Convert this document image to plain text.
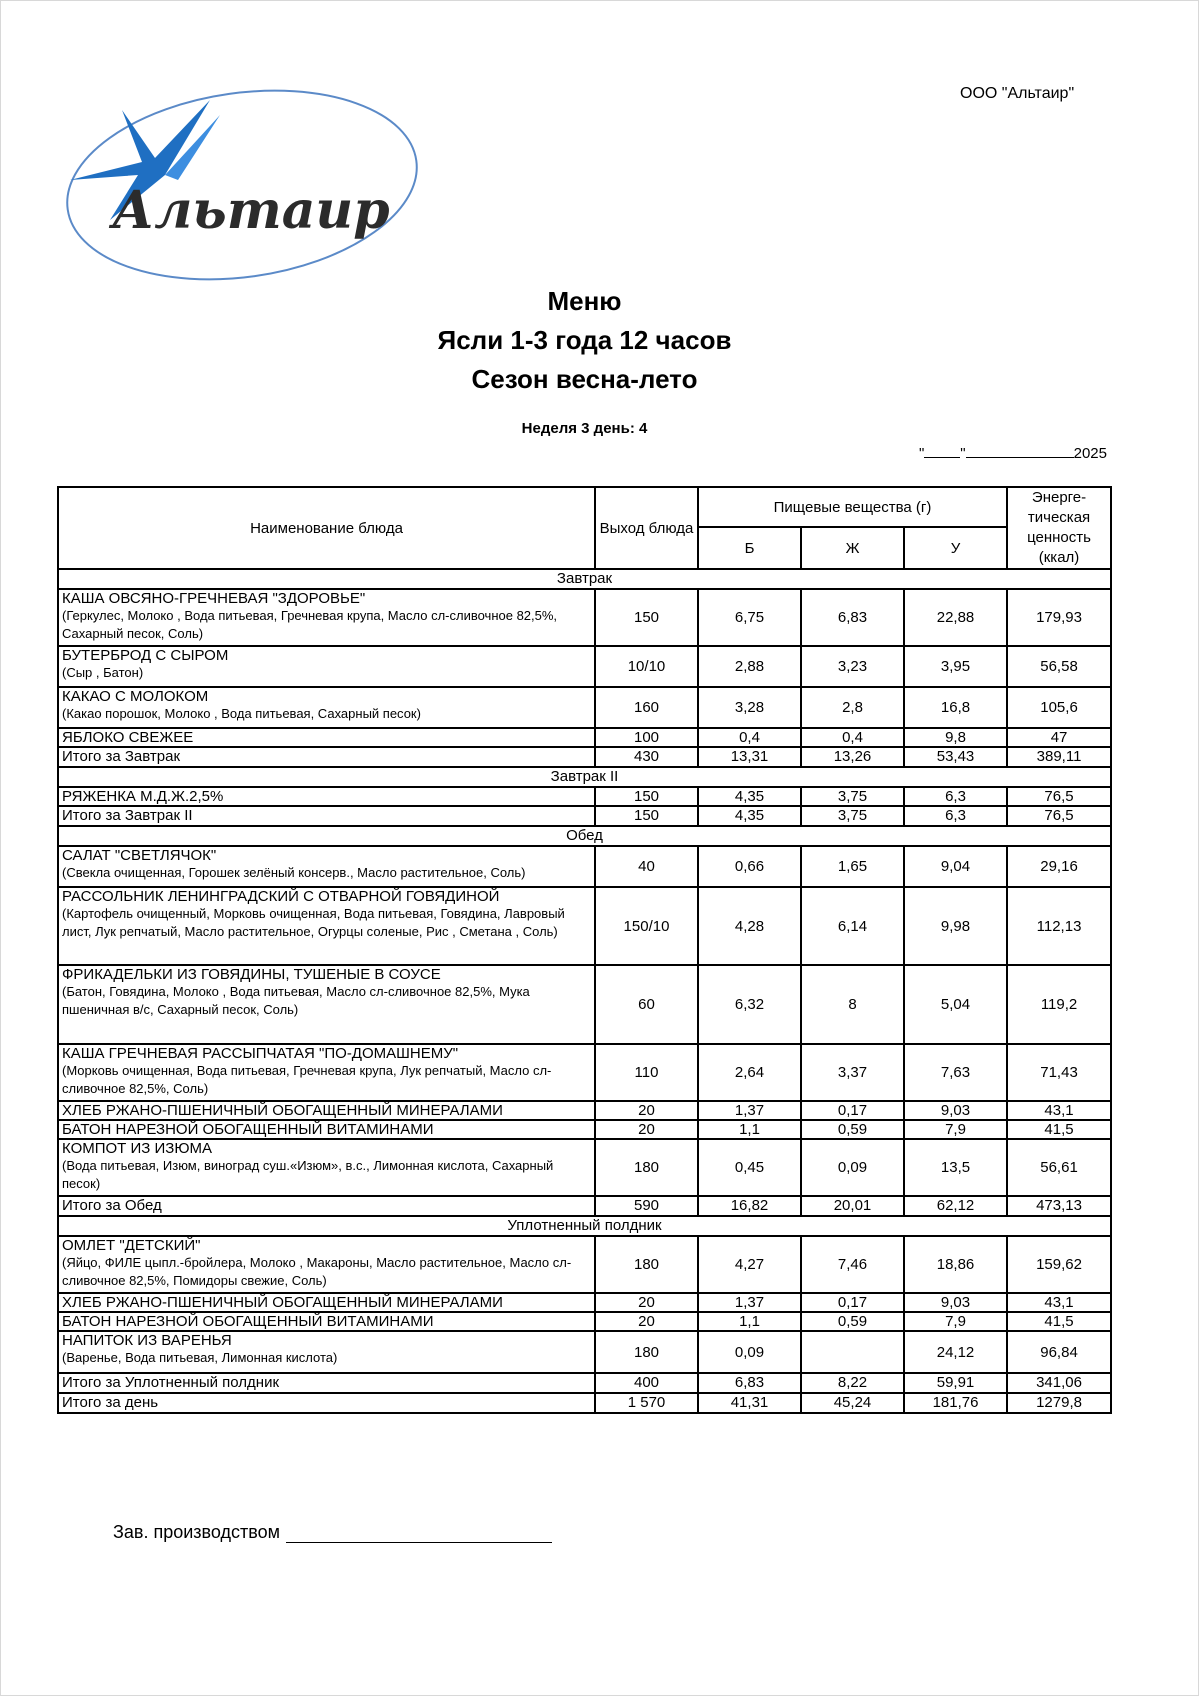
ООО "Альтаир"
Альтаир
Меню
Ясли 1-3 года 12 часов
Сезон весна-лето
Неделя 3 день: 4
" "	2025
Наименование блюда	Выход блюда	Пищевые вещества (г)			Энерге-тическая ценность (ккал)
		Б	Ж	У	
Завтрак					

КАША ОВСЯНО-ГРЕЧНЕВАЯ "ЗДОРОВЬЕ"
(Геркулес, Молоко , Вода питьевая, Гречневая крупа, Масло сл-сливочное 82,5%, Сахарный песок, Соль)	150	6,75	6,83	22,88	179,93

БУТЕРБРОД С СЫРОМ
(Сыр , Батон)	10/10	2,88	3,23	3,95	56,58

КАКАО С МОЛОКОМ
(Какао порошок, Молоко , Вода питьевая, Сахарный песок)	160	3,28	2,8	16,8	105,6

ЯБЛОКО СВЕЖЕЕ	100	0,4	0,4	9,8	47
Итого за Завтрак	430	13,31	13,26	53,43	389,11
Завтрак II					

РЯЖЕНКА М.Д.Ж.2,5%	150	4,35	3,75	6,3	76,5
Итого за Завтрак II	150	4,35	3,75	6,3	76,5
Обед					

САЛАТ "СВЕТЛЯЧОК"
(Свекла очищенная, Горошек зелёный консерв., Масло растительное, Соль)	40	0,66	1,65	9,04	29,16

РАССОЛЬНИК ЛЕНИНГРАДСКИЙ С ОТВАРНОЙ ГОВЯДИНОЙ
(Картофель очищенный, Морковь очищенная, Вода питьевая, Говядина, Лавровый лист, Лук репчатый, Масло растительное, Огурцы соленые, Рис , Сметана , Соль)	150/10	4,28	6,14	9,98	112,13

ФРИКАДЕЛЬКИ ИЗ ГОВЯДИНЫ, ТУШЕНЫЕ В СОУСЕ
(Батон, Говядина, Молоко , Вода питьевая, Масло сл-сливочное 82,5%, Мука пшеничная в/с, Сахарный песок, Соль)	60	6,32	8	5,04	119,2

КАША ГРЕЧНЕВАЯ РАССЫПЧАТАЯ "ПО-ДОМАШНЕМУ"
(Морковь очищенная, Вода питьевая, Гречневая крупа, Лук репчатый, Масло сл-сливочное 82,5%, Соль)	110	2,64	3,37	7,63	71,43

ХЛЕБ РЖАНО-ПШЕНИЧНЫЙ ОБОГАЩЕННЫЙ МИНЕРАЛАМИ	20	1,37	0,17	9,03	43,1

БАТОН НАРЕЗНОЙ ОБОГАЩЕННЫЙ ВИТАМИНАМИ	20	1,1	0,59	7,9	41,5

КОМПОТ ИЗ ИЗЮМА
(Вода питьевая, Изюм, виноград суш.«Изюм», в.с., Лимонная кислота, Сахарный песок)	180	0,45	0,09	13,5	56,61
Итого за Обед	590	16,82	20,01	62,12	473,13
Уплотненный полдник					

ОМЛЕТ "ДЕТСКИЙ"
(Яйцо, ФИЛЕ цыпл.-бройлера, Молоко , Макароны, Масло растительное, Масло сл-сливочное 82,5%, Помидоры свежие, Соль)	180	4,27	7,46	18,86	159,62

ХЛЕБ РЖАНО-ПШЕНИЧНЫЙ ОБОГАЩЕННЫЙ МИНЕРАЛАМИ	20	1,37	0,17	9,03	43,1

БАТОН НАРЕЗНОЙ ОБОГАЩЕННЫЙ ВИТАМИНАМИ	20	1,1	0,59	7,9	41,5

НАПИТОК ИЗ ВАРЕНЬЯ
(Варенье, Вода питьевая, Лимонная кислота)	180	0,09		24,12	96,84
Итого за Уплотненный полдник	400	6,83	8,22	59,91	341,06
Итого за день	1 570	41,31	45,24	181,76	1279,8
Зав. производством
